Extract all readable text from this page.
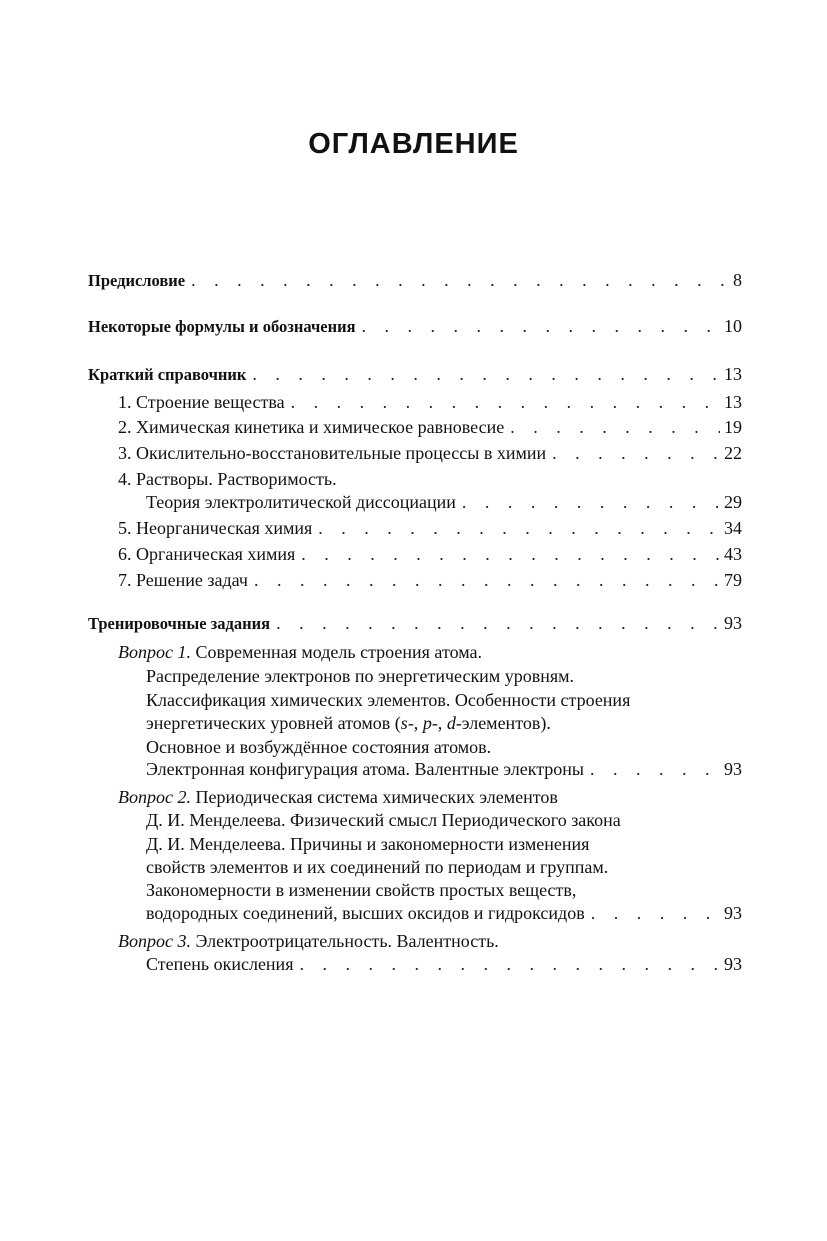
ОГЛАВЛЕНИЕ
Предисловие . . .	8
Некоторые формулы и обозначения . . .	10
Краткий справочник . . .	13
1. Строение вещества . . .	13
2. Химическая кинетика и химическое равновесие . . .	19
3. Окислительно-восстановительные процессы в химии . . .	22
4. Растворы. Растворимость.
Теория электролитической диссоциации . . .	29
5. Неорганическая химия . . .	34
6. Органическая химия . . .	43
7. Решение задач . . .	79
Тренировочные задания . . .	93
Вопрос 1. Современная модель строения атома.
Распределение электронов по энергетическим уровням.
Классификация химических элементов. Особенности строения
энергетических уровней атомов (s-, p-, d-элементов).
Основное и возбуждённое состояния атомов.
Электронная конфигурация атома. Валентные электроны . . .	93
Вопрос 2. Периодическая система химических элементов
Д. И. Менделеева. Физический смысл Периодического закона
Д. И. Менделеева. Причины и закономерности изменения
свойств элементов и их соединений по периодам и группам.
Закономерности в изменении свойств простых веществ,
водородных соединений, высших оксидов и гидроксидов . . .	93
Вопрос 3. Электроотрицательность. Валентность.
Степень окисления . . .	93
